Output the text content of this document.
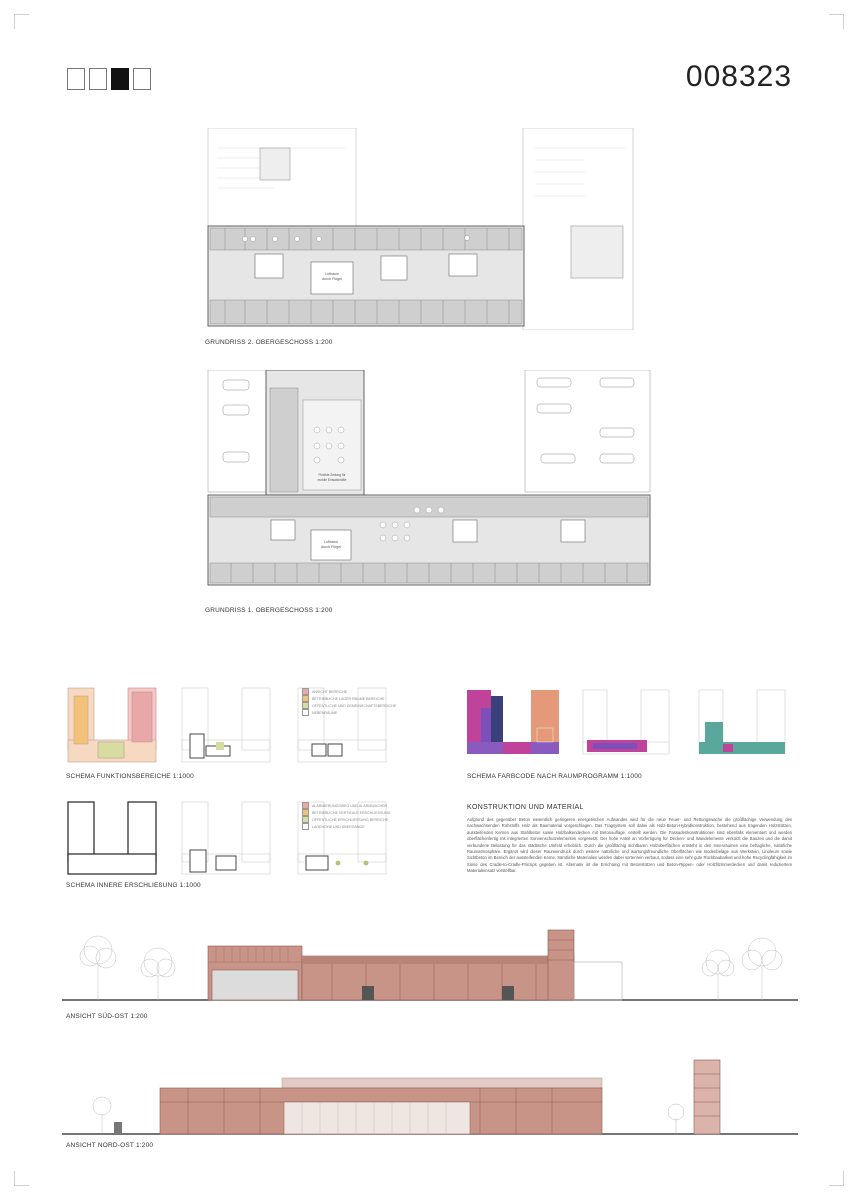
008323
Luftraum
durch Flügel
GRUNDRISS 2. OBERGESCHOSS 1:200
Flexible Zeitung für
mobile Einsatzkräfte
Luftraum
durch Flügel
GRUNDRISS 1. OBERGESCHOSS 1:200
ANSICHT BEREICHE
BETRIEBLICHE LAGER RÄUME BEREICHE
OFFENTLICHE UND GEMEINSCHAFTSBEREICHE
NEBENRÄUME
SCHEMA FUNKTIONSBEREICHE 1:1000
ALARMIERUNGSWEG UND ALARMWACHEN
BETRIEBLICHE VERTIKALE ERSCHLIESSUNG
OFFENTLICHE ERSCHLIESSUNG BEREICHE
LAGEHÖHE UND ÜBERGÄNGE
SCHEMA INNERE ERSCHLIEßUNG 1:1000
SCHEMA FARBCODE NACH RAUMPROGRAMM 1:1000
KONSTRUKTION UND MATERIAL
Aufgrund des gegenüber Beton wesentlich geringeren energetischen Aufwandes wird für die neue Feuer- und Rettungswache die großflächige Verwendung des nachwachsenden Rohstoffs Holz als Baumaterial vorgeschlagen. Das Tragsystem soll dabei als Holz-Beton-Hybridkonstruktion, bestehend aus tragenden Holzstützen, aussteifenden Kernen aus Stahlbeton sowie Holzbalkendecken mit Betonauflage, erstellt werden. Die Fassadenkonstruktionen sind ebenfalls elementiert und werden oberflächenfertig mit integrierten Sonnenschutzelementen vorgesetzt. Der hohe Anteil an Vorfertigung für Decken- und Wandelemente verkürzt die Bauzeit und die damit verbundene Belastung für das städtische Umfeld erheblich. Durch die großflächig sichtbaren Holzoberflächen entsteht in den Innenräumen eine behagliche, natürliche Raumatmosphäre. Ergänzt wird dieser Raumeindruck durch weitere natürliche und wartungsfreundliche Oberflächen wie Bodenbeläge aus Werkstein, Linoleum sowie Sichtbeton im Bereich der aussteifenden Kerne. Sämtliche Materialien werden dabei sortenrein verbaut, sodass eine sehr gute Rückbaubarkeit und hohe Recyclingfähigkeit im Sinne des Cradle-to-Cradle-Prinzips gegeben ist. Alternativ ist die Errichtung mit Betonstützen und Beton-Rippen- oder Holzfilzmmerdecken und damit reduziertem Materialeinsatz vorstellbar.
ANSICHT SÜD-OST 1:200
ANSICHT NORD-OST 1:200
